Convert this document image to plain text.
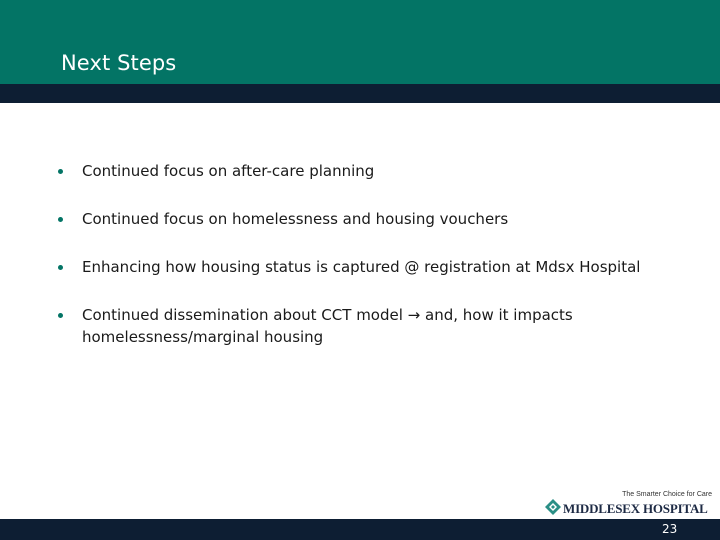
Next Steps
Continued focus on after-care planning
Continued focus on homelessness and housing vouchers
Enhancing how housing status is captured @ registration at Mdsx Hospital
Continued dissemination about CCT model → and, how it impacts homelessness/marginal housing
The Smarter Choice for Care
MIDDLESEX HOSPITAL
23
